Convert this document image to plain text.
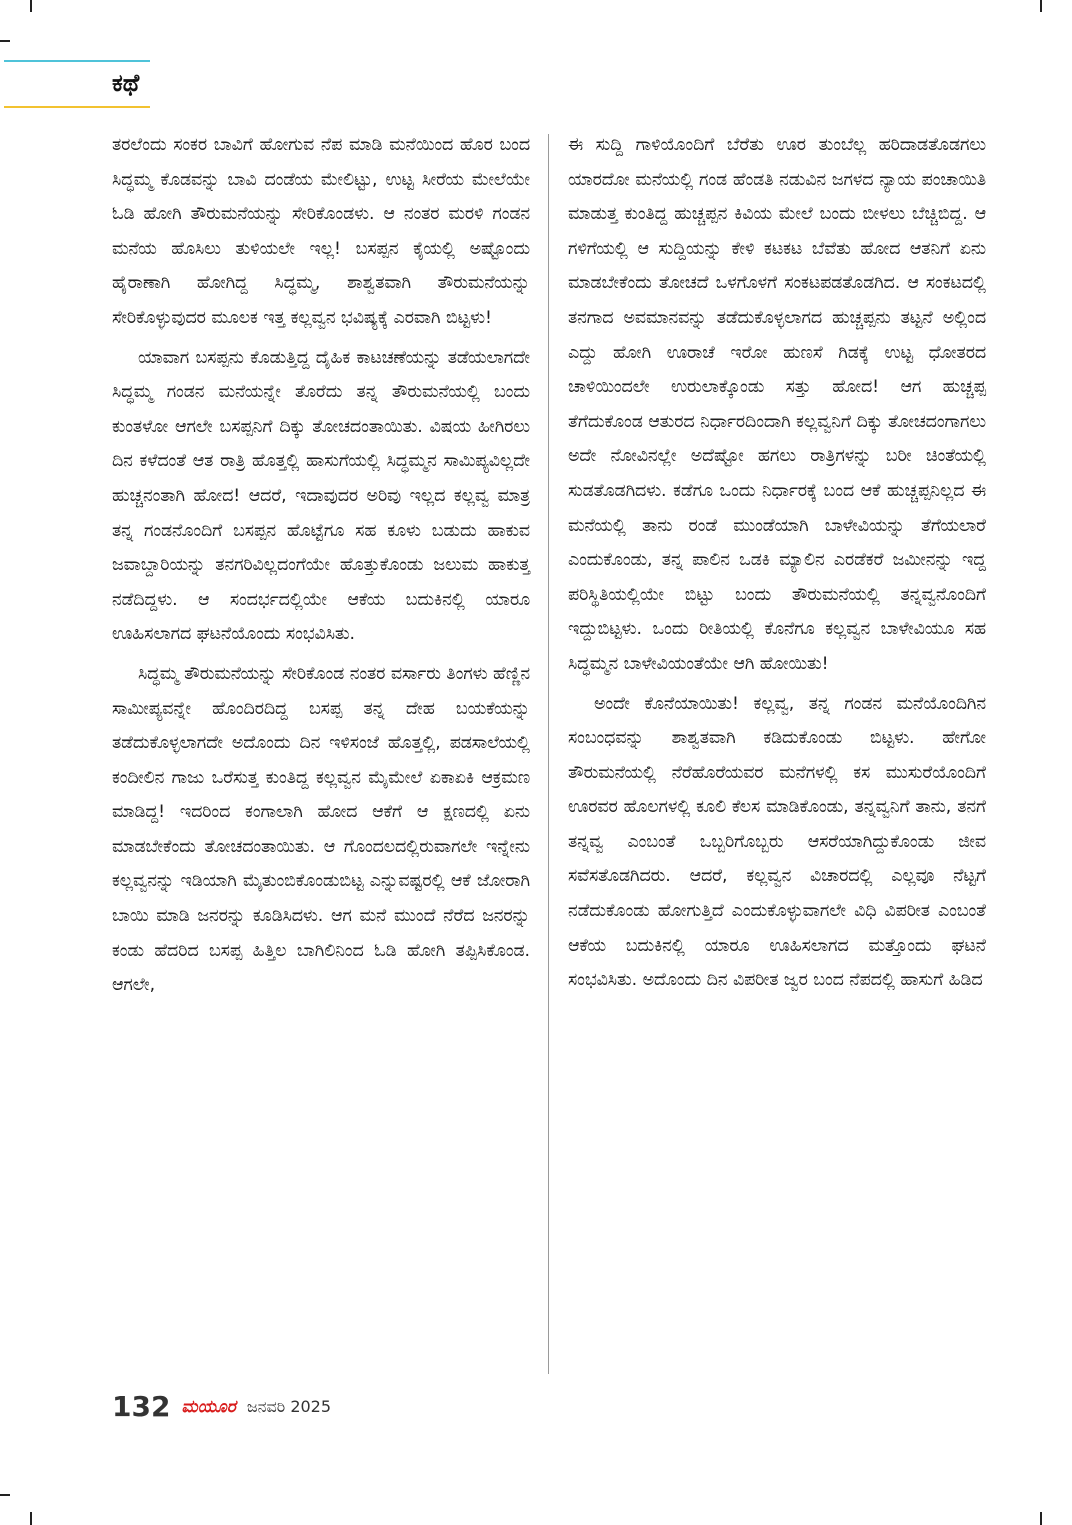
ಕಥೆ

ತರಲೆಂದು ಸಂಕರ ಬಾವಿಗೆ ಹೋಗುವ ನೆಪ ಮಾಡಿ ಮನೆಯಿಂದ ಹೊರ ಬಂದ ಸಿದ್ಧಮ್ಮ ಕೊಡವನ್ನು ಬಾವಿ ದಂಡೆಯ ಮೇಲಿಟ್ಟು, ಉಟ್ಟ ಸೀರೆಯ ಮೇಲೆಯೇ ಓಡಿ ಹೋಗಿ ತೌರುಮನೆಯನ್ನು ಸೇರಿಕೊಂಡಳು. ಆ ನಂತರ ಮರಳಿ ಗಂಡನ ಮನೆಯ ಹೊಸಿಲು ತುಳಿಯಲೇ ಇಲ್ಲ! ಬಸಪ್ಪನ ಕೈಯಲ್ಲಿ ಅಷ್ಟೊಂದು ಹೈರಾಣಾಗಿ ಹೋಗಿದ್ದ ಸಿದ್ಧಮ್ಮ, ಶಾಶ್ವತವಾಗಿ ತೌರುಮನೆಯನ್ನು ಸೇರಿಕೊಳ್ಳುವುದರ ಮೂಲಕ ಇತ್ತ ಕಲ್ಲವ್ವನ ಭವಿಷ್ಯಕ್ಕೆ ಎರವಾಗಿ ಬಿಟ್ಟಳು!

ಯಾವಾಗ ಬಸಪ್ಪನು ಕೊಡುತ್ತಿದ್ದ ದೈಹಿಕ ಕಾಟಚಣೆಯನ್ನು ತಡೆಯಲಾಗದೇ ಸಿದ್ಧಮ್ಮ ಗಂಡನ ಮನೆಯನ್ನೇ ತೊರೆದು ತನ್ನ ತೌರುಮನೆಯಲ್ಲಿ ಬಂದು ಕುಂತಳೋ ಆಗಲೇ ಬಸಪ್ಪನಿಗೆ ದಿಕ್ಕು ತೋಚದಂತಾಯಿತು. ವಿಷಯ ಹೀಗಿರಲು ದಿನ ಕಳೆದಂತೆ ಆತ ರಾತ್ರಿ ಹೊತ್ತಲ್ಲಿ ಹಾಸುಗೆಯಲ್ಲಿ ಸಿದ್ಧಮ್ಮನ ಸಾಮಿಪ್ಯವಿಲ್ಲದೇ ಹುಚ್ಚನಂತಾಗಿ ಹೋದ! ಆದರೆ, ಇದಾವುದರ ಅರಿವು ಇಲ್ಲದ ಕಲ್ಲವ್ವ ಮಾತ್ರ ತನ್ನ ಗಂಡನೊಂದಿಗೆ ಬಸಪ್ಪನ ಹೊಟ್ಟೆಗೂ ಸಹ ಕೂಳು ಬಡುದು ಹಾಕುವ ಜವಾಬ್ದಾರಿಯನ್ನು ತನಗರಿವಿಲ್ಲದಂಗೆಯೇ ಹೊತ್ತುಕೊಂಡು ಜಲುಮ ಹಾಕುತ್ತ ನಡೆದಿದ್ದಳು. ಆ ಸಂದರ್ಭದಲ್ಲಿಯೇ ಆಕೆಯ ಬದುಕಿನಲ್ಲಿ ಯಾರೂ ಊಹಿಸಲಾಗದ ಘಟನೆಯೊಂದು ಸಂಭವಿಸಿತು.

ಸಿದ್ಧಮ್ಮ ತೌರುಮನೆಯನ್ನು ಸೇರಿಕೊಂಡ ನಂತರ ವರ್ಸಾರು ತಿಂಗಳು ಹೆಣ್ಣಿನ ಸಾಮೀಪ್ಯವನ್ನೇ ಹೊಂದಿರದಿದ್ದ ಬಸಪ್ಪ ತನ್ನ ದೇಹ ಬಯಕೆಯನ್ನು ತಡೆದುಕೊಳ್ಳಲಾಗದೇ ಅದೊಂದು ದಿನ ಇಳಿಸಂಜೆ ಹೊತ್ತಲ್ಲಿ, ಪಡಸಾಲೆಯಲ್ಲಿ ಕಂದೀಲಿನ ಗಾಜು ಒರೆಸುತ್ತ ಕುಂತಿದ್ದ ಕಲ್ಲವ್ವನ ಮೈಮೇಲೆ ಏಕಾಏಕಿ ಆಕ್ರಮಣ ಮಾಡಿದ್ದ! ಇದರಿಂದ ಕಂಗಾಲಾಗಿ ಹೋದ ಆಕೆಗೆ ಆ ಕ್ಷಣದಲ್ಲಿ ಏನು ಮಾಡಬೇಕೆಂದು ತೋಚದಂತಾಯಿತು. ಆ ಗೊಂದಲದಲ್ಲಿರುವಾಗಲೇ ಇನ್ನೇನು ಕಲ್ಲವ್ವನನ್ನು ಇಡಿಯಾಗಿ ಮೈತುಂಬಿಕೊಂಡುಬಿಟ್ಟ ಎನ್ನುವಷ್ಟರಲ್ಲಿ ಆಕೆ ಜೋರಾಗಿ ಬಾಯಿ ಮಾಡಿ ಜನರನ್ನು ಕೂಡಿಸಿದಳು. ಆಗ ಮನೆ ಮುಂದೆ ನೆರೆದ ಜನರನ್ನು ಕಂಡು ಹೆದರಿದ ಬಸಪ್ಪ ಹಿತ್ತಿಲ ಬಾಗಿಲಿನಿಂದ ಓಡಿ ಹೋಗಿ ತಪ್ಪಿಸಿಕೊಂಡ. ಆಗಲೇ,

ಈ ಸುದ್ದಿ ಗಾಳಿಯೊಂದಿಗೆ ಬೆರೆತು ಊರ ತುಂಬೆಲ್ಲ ಹರಿದಾಡತೊಡಗಲು ಯಾರದೋ ಮನೆಯಲ್ಲಿ ಗಂಡ ಹೆಂಡತಿ ನಡುವಿನ ಜಗಳದ ನ್ಯಾಯ ಪಂಚಾಯಿತಿ ಮಾಡುತ್ತ ಕುಂತಿದ್ದ ಹುಚ್ಚಪ್ಪನ ಕಿವಿಯ ಮೇಲೆ ಬಂದು ಬೀಳಲು ಬೆಚ್ಚಿಬಿದ್ದ. ಆ ಗಳಿಗೆಯಲ್ಲಿ ಆ ಸುದ್ದಿಯನ್ನು ಕೇಳಿ ಕಟಕಟ ಬೆವೆತು ಹೋದ ಆತನಿಗೆ ಏನು ಮಾಡಬೇಕೆಂದು ತೋಚದೆ ಒಳಗೊಳಗೆ ಸಂಕಟಪಡತೊಡಗಿದ. ಆ ಸಂಕಟದಲ್ಲಿ ತನಗಾದ ಅವಮಾನವನ್ನು ತಡೆದುಕೊಳ್ಳಲಾಗದ ಹುಚ್ಚಪ್ಪನು ತಟ್ಟನೆ ಅಲ್ಲಿಂದ ಎದ್ದು ಹೋಗಿ ಊರಾಚೆ ಇರೋ ಹುಣಸೆ ಗಿಡಕ್ಕೆ ಉಟ್ಟ ಧೋತರದ ಚಾಳಿಯಿಂದಲೇ ಉರುಲಾಕ್ಕೊಂಡು ಸತ್ತು ಹೋದ! ಆಗ ಹುಚ್ಚಪ್ಪ ತೆಗೆದುಕೊಂಡ ಆತುರದ ನಿರ್ಧಾರದಿಂದಾಗಿ ಕಲ್ಲವ್ವನಿಗೆ ದಿಕ್ಕು ತೋಚದಂಗಾಗಲು ಅದೇ ನೋವಿನಲ್ಲೇ ಅದೆಷ್ಟೋ ಹಗಲು ರಾತ್ರಿಗಳನ್ನು ಬರೀ ಚಿಂತೆಯಲ್ಲಿ ಸುಡತೊಡಗಿದಳು. ಕಡೆಗೂ ಒಂದು ನಿರ್ಧಾರಕ್ಕೆ ಬಂದ ಆಕೆ ಹುಚ್ಚಪ್ಪನಿಲ್ಲದ ಈ ಮನೆಯಲ್ಲಿ ತಾನು ರಂಡೆ ಮುಂಡೆಯಾಗಿ ಬಾಳೇವಿಯನ್ನು ತೆಗೆಯಲಾರೆ ಎಂದುಕೊಂಡು, ತನ್ನ ಪಾಲಿನ ಒಡಕಿ ಮ್ಯಾಲಿನ ಎರಡೆಕರೆ ಜಮೀನನ್ನು ಇದ್ದ ಪರಿಸ್ಥಿತಿಯಲ್ಲಿಯೇ ಬಿಟ್ಟು ಬಂದು ತೌರುಮನೆಯಲ್ಲಿ ತನ್ನವ್ವನೊಂದಿಗೆ ಇದ್ದುಬಿಟ್ಟಳು. ಒಂದು ರೀತಿಯಲ್ಲಿ ಕೊನೆಗೂ ಕಲ್ಲವ್ವನ ಬಾಳೇವಿಯೂ ಸಹ ಸಿದ್ಧಮ್ಮನ ಬಾಳೇವಿಯಂತೆಯೇ ಆಗಿ ಹೋಯಿತು!

ಅಂದೇ ಕೊನೆಯಾಯಿತು! ಕಲ್ಲವ್ವ, ತನ್ನ ಗಂಡನ ಮನೆಯೊಂದಿಗಿನ ಸಂಬಂಧವನ್ನು ಶಾಶ್ವತವಾಗಿ ಕಡಿದುಕೊಂಡು ಬಿಟ್ಟಳು. ಹೇಗೋ ತೌರುಮನೆಯಲ್ಲಿ ನೆರೆಹೊರೆಯವರ ಮನೆಗಳಲ್ಲಿ ಕಸ ಮುಸುರೆಯೊಂದಿಗೆ ಊರವರ ಹೊಲಗಳಲ್ಲಿ ಕೂಲಿ ಕೆಲಸ ಮಾಡಿಕೊಂಡು, ತನ್ನವ್ವನಿಗೆ ತಾನು, ತನಗೆ ತನ್ನವ್ವ ಎಂಬಂತೆ ಒಬ್ಬರಿಗೊಬ್ಬರು ಆಸರೆಯಾಗಿದ್ದುಕೊಂಡು ಜೀವ ಸವೆಸತೊಡಗಿದರು. ಆದರೆ, ಕಲ್ಲವ್ವನ ವಿಚಾರದಲ್ಲಿ ಎಲ್ಲವೂ ನೆಟ್ಟಗೆ ನಡೆದುಕೊಂಡು ಹೋಗುತ್ತಿದೆ ಎಂದುಕೊಳ್ಳುವಾಗಲೇ ವಿಧಿ ವಿಪರೀತ ಎಂಬಂತೆ ಆಕೆಯ ಬದುಕಿನಲ್ಲಿ ಯಾರೂ ಊಹಿಸಲಾಗದ ಮತ್ತೊಂದು ಘಟನೆ ಸಂಭವಿಸಿತು. ಅದೊಂದು ದಿನ ವಿಪರೀತ ಜ್ವರ ಬಂದ ನೆಪದಲ್ಲಿ ಹಾಸುಗೆ ಹಿಡಿದ

132 ಮಯೂರ ಜನವರಿ 2025
